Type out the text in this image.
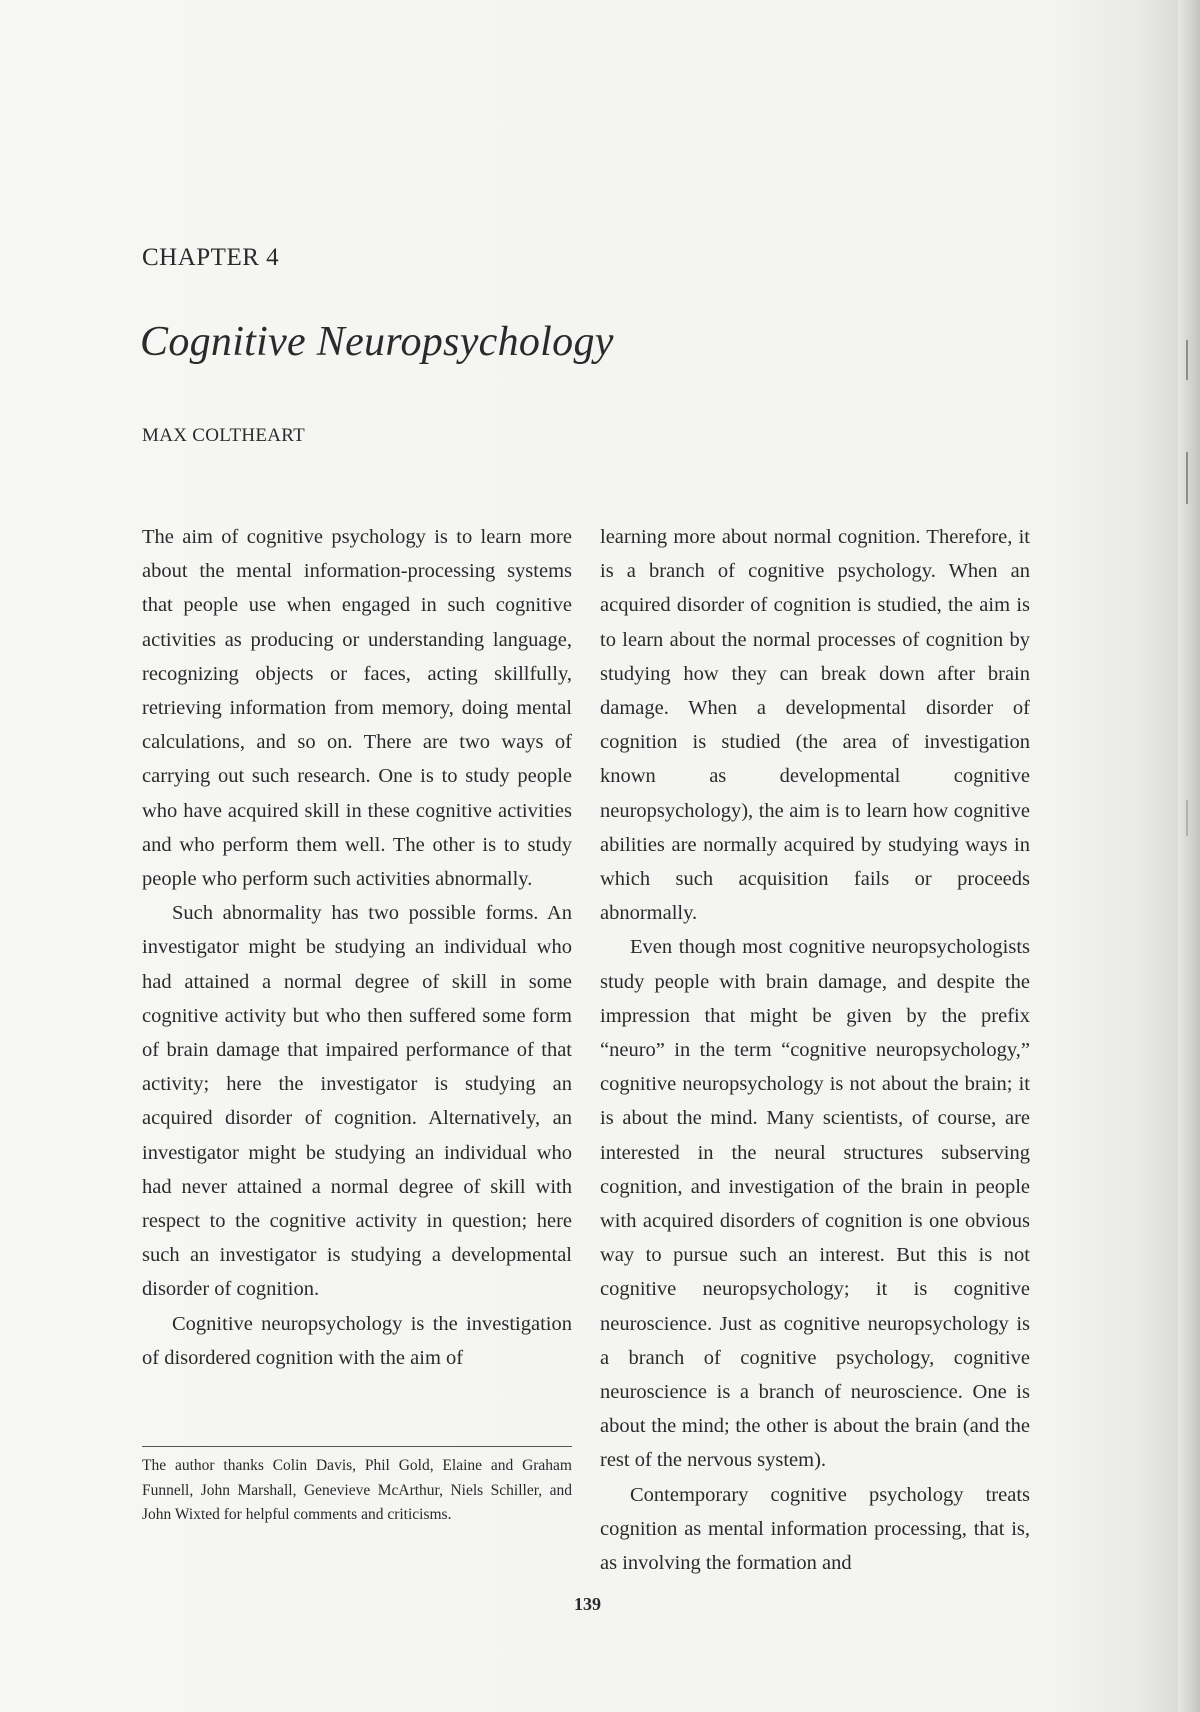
CHAPTER 4
Cognitive Neuropsychology

MAX COLTHEART

The aim of cognitive psychology is to learn more about the mental information-processing systems that people use when engaged in such cognitive activities as producing or understanding language, recognizing objects or faces, acting skillfully, retrieving information from memory, doing mental calculations, and so on. There are two ways of carrying out such research. One is to study people who have acquired skill in these cognitive activities and who perform them well. The other is to study people who perform such activities abnormally.

Such abnormality has two possible forms. An investigator might be studying an individual who had attained a normal degree of skill in some cognitive activity but who then suffered some form of brain damage that impaired performance of that activity; here the investigator is studying an acquired disorder of cognition. Alternatively, an investigator might be studying an individual who had never attained a normal degree of skill with respect to the cognitive activity in question; here such an investigator is studying a developmental disorder of cognition.

Cognitive neuropsychology is the investigation of disordered cognition with the aim of

learning more about normal cognition. Therefore, it is a branch of cognitive psychology. When an acquired disorder of cognition is studied, the aim is to learn about the normal processes of cognition by studying how they can break down after brain damage. When a developmental disorder of cognition is studied (the area of investigation known as developmental cognitive neuropsychology), the aim is to learn how cognitive abilities are normally acquired by studying ways in which such acquisition fails or proceeds abnormally.

Even though most cognitive neuropsychologists study people with brain damage, and despite the impression that might be given by the prefix “neuro” in the term “cognitive neuropsychology,” cognitive neuropsychology is not about the brain; it is about the mind. Many scientists, of course, are interested in the neural structures subserving cognition, and investigation of the brain in people with acquired disorders of cognition is one obvious way to pursue such an interest. But this is not cognitive neuropsychology; it is cognitive neuroscience. Just as cognitive neuropsychology is a branch of cognitive psychology, cognitive neuroscience is a branch of neuroscience. One is about the mind; the other is about the brain (and the rest of the nervous system).

Contemporary cognitive psychology treats cognition as mental information processing, that is, as involving the formation and

The author thanks Colin Davis, Phil Gold, Elaine and Graham Funnell, John Marshall, Genevieve McArthur, Niels Schiller, and John Wixted for helpful comments and criticisms.

139
